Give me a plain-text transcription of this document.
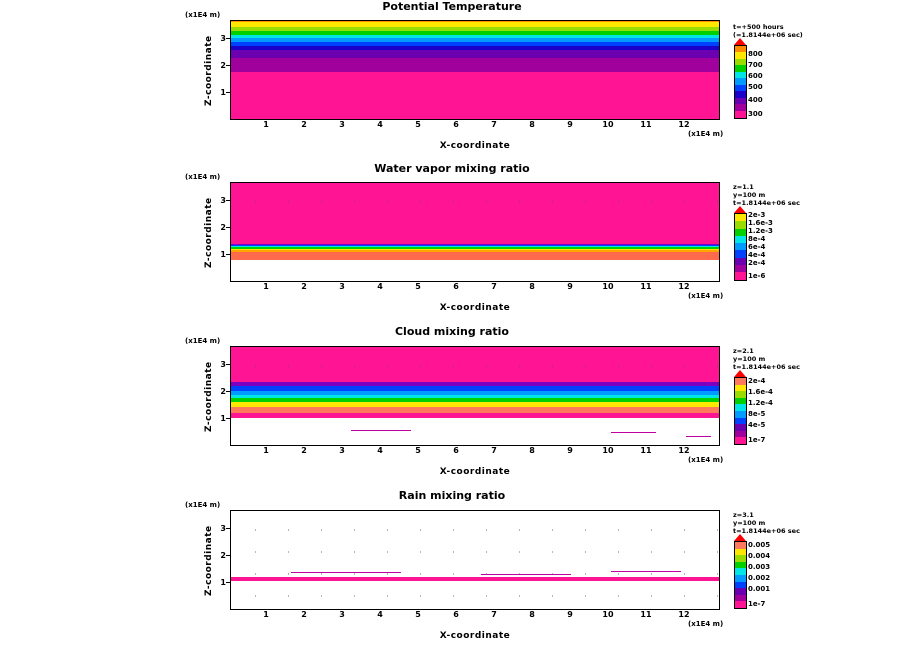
Potential Temperature
(x1E4 m)
Z-coordinate 1
2
3
1	2	3	4	5	6	7	8	9	10	11	12
(x1E4 m)
X-coordinate
800
700
600
500
400
300
t=+500 hours
(=1.8144e+06 sec)
Water vapor mixing ratio
(x1E4 m)
Z-coordinate 1
2
3
1	2	3	4	5	6	7	8	9	10	11	12
(x1E4 m)
X-coordinate
2e-3
1.6e-3
1.2e-3
8e-4
6e-4
4e-4
2e-4
1e-6
z=1.1
y=100 m
t=1.8144e+06 sec
Cloud mixing ratio
(x1E4 m)
Z-coordinate 1
2
3
1	2	3	4	5	6	7	8	9	10	11	12
(x1E4 m)
X-coordinate
2e-4
1.6e-4
1.2e-4
8e-5
4e-5
1e-7
z=2.1
y=100 m
t=1.8144e+06 sec
Rain mixing ratio
(x1E4 m)
Z-coordinate 1
2
3
1	2	3	4	5	6	7	8	9	10	11	12
(x1E4 m)
X-coordinate
0.005
0.004
0.003
0.002
0.001
1e-7
z=3.1
y=100 m
t=1.8144e+06 sec
